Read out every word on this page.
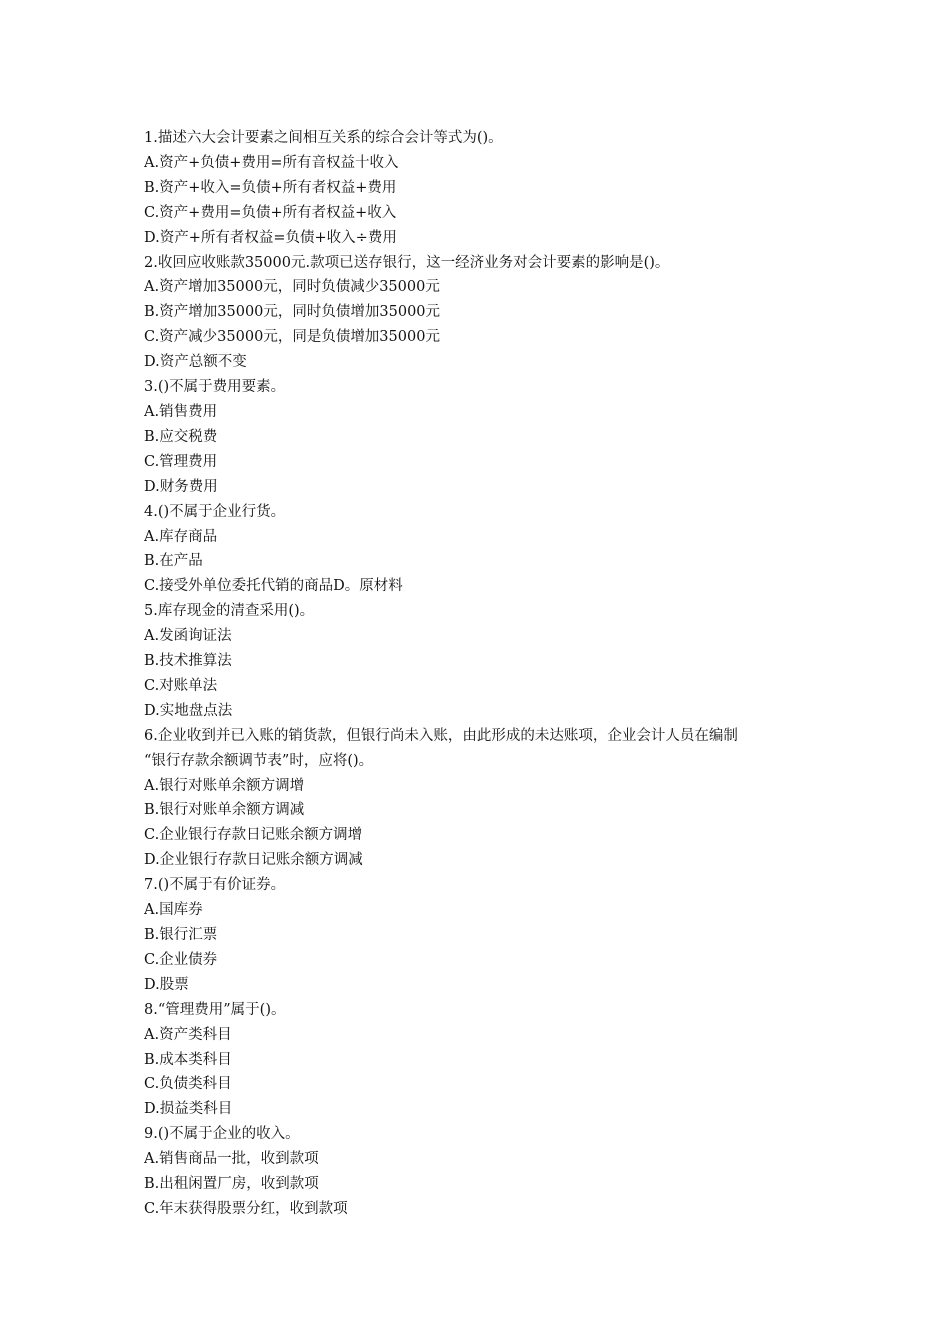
1.描述六大会计要素之间相互关系的综合会计等式为()。
A.资产+负债+费用=所有音权益十收入
B.资产+收入=负债+所有者权益+费用
C.资产+费用=负债+所有者权益+收入
D.资产+所有者权益=负债+收入÷费用
2.收回应收账款35000元.款项已送存银行，这一经济业务对会计要素的影响是()。
A.资产增加35000元，同时负债减少35000元
B.资产增加35000元，同时负债增加35000元
C.资产减少35000元，同是负债增加35000元
D.资产总额不变
3.()不属于费用要素。
A.销售费用
B.应交税费
C.管理费用
D.财务费用
4.()不属于企业行货。
A.库存商品
B.在产品
C.接受外单位委托代销的商品D。原材料
5.库存现金的清查采用()。
A.发函询证法
B.技术推算法
C.对账单法
D.实地盘点法
6.企业收到并已入账的销货款，但银行尚未入账，由此形成的未达账项，企业会计人员在编制
“银行存款余额调节表”时，应将()。
A.银行对账单余额方调增
B.银行对账单余额方调减
C.企业银行存款日记账余额方调增
D.企业银行存款日记账余额方调减
7.()不属于有价证券。
A.国库券
B.银行汇票
C.企业债券
D.股票
8.“管理费用”属于()。
A.资产类科目
B.成本类科目
C.负债类科目
D.损益类科目
9.()不属于企业的收入。
A.销售商品一批，收到款项
B.出租闲置厂房，收到款项
C.年末获得股票分红，收到款项
